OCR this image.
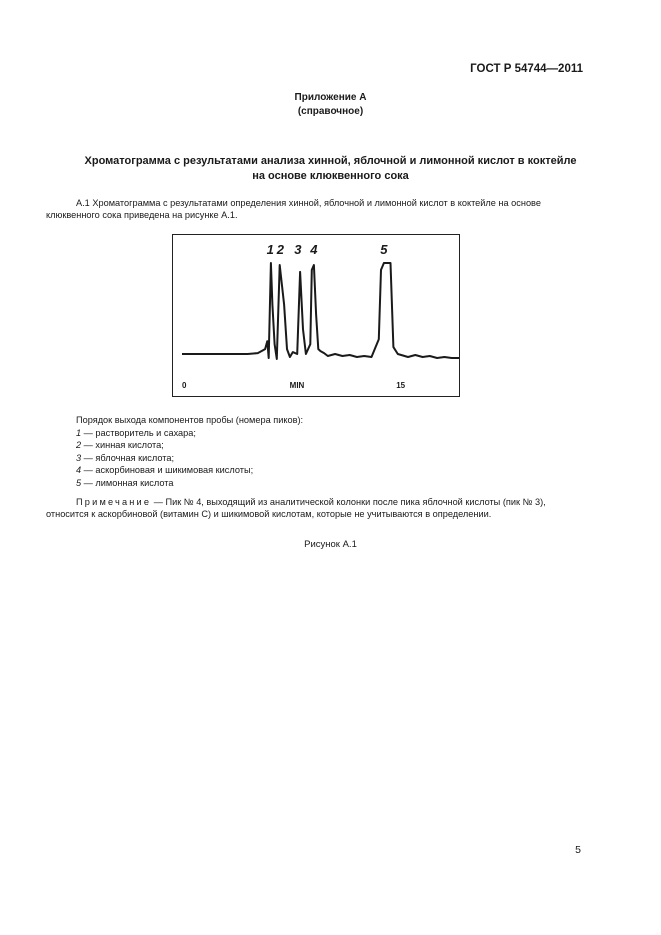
ГОСТ Р 54744—2011
Приложение А
(справочное)
Хроматограмма с результатами анализа хинной, яблочной и лимонной кислот в коктейле
на основе клюквенного сока
А.1 Хроматограмма с результатами определения хинной, яблочной и лимонной кислот в коктейле на основе
клюквенного сока приведена на рисунке А.1.
1 2 3 4	5
0	15
MIN
Порядок выхода компонентов пробы (номера пиков):
1 — растворитель и сахара;
2 — хинная кислота;
3 — яблочная кислота;
4 — аскорбиновая и шикимовая кислоты;
5 — лимонная кислота
Примечание — Пик № 4, выходящий из аналитической колонки после пика яблочной кислоты (пик № 3),
относится к аскорбиновой (витамин С) и шикимовой кислотам, которые не учитываются в определении.
Рисунок А.1
5
